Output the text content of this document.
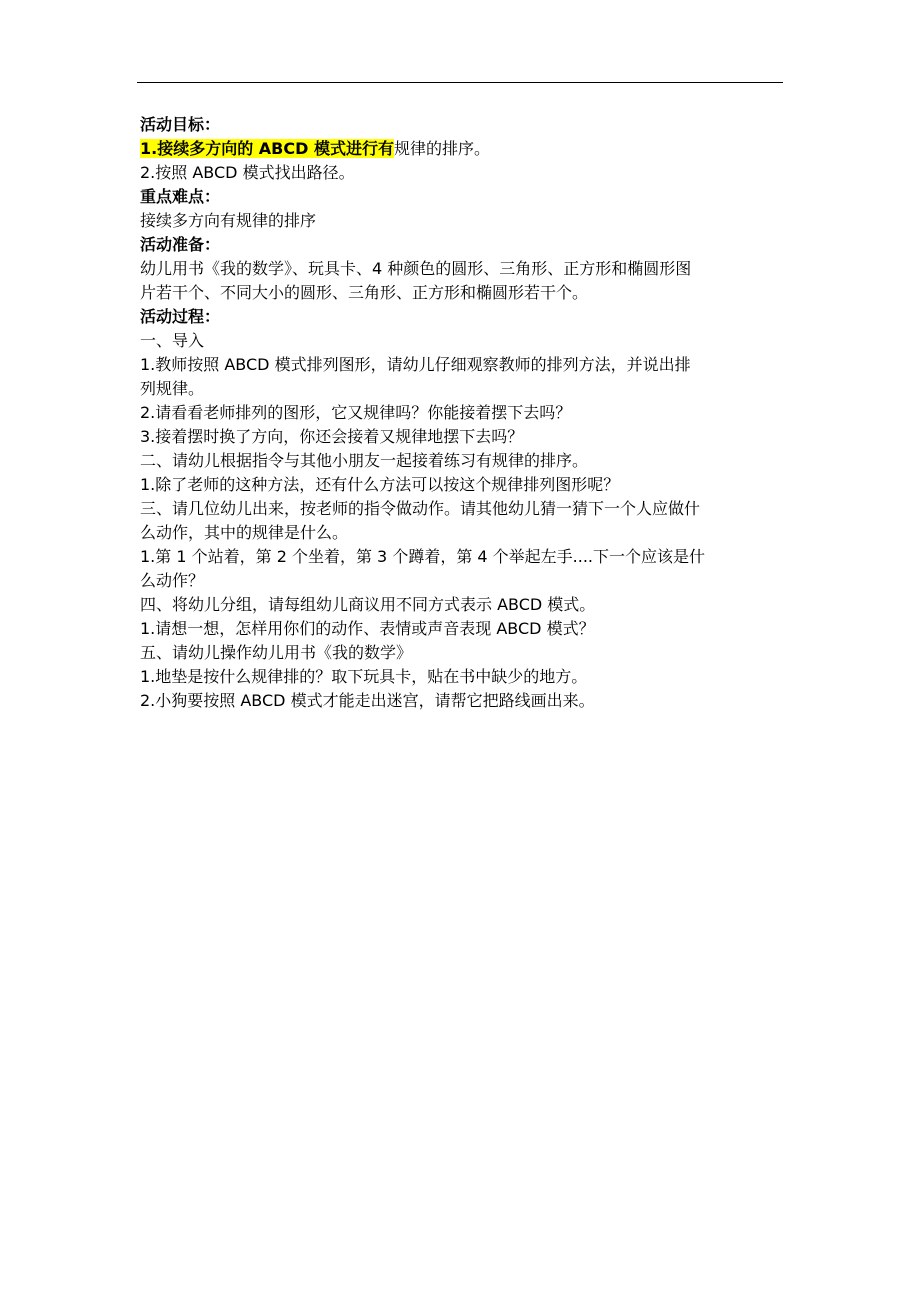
活动目标：

1.接续多方向的 ABCD 模式进行有规律的排序。

2.按照 ABCD 模式找出路径。

重点难点：

接续多方向有规律的排序

活动准备：

幼儿用书《我的数学》、玩具卡、4 种颜色的圆形、三角形、正方形和椭圆形图

片若干个、不同大小的圆形、三角形、正方形和椭圆形若干个。

活动过程：

一、导入

1.教师按照 ABCD 模式排列图形，请幼儿仔细观察教师的排列方法，并说出排

列规律。

2.请看看老师排列的图形，它又规律吗？你能接着摆下去吗？

3.接着摆时换了方向，你还会接着又规律地摆下去吗？

二、请幼儿根据指令与其他小朋友一起接着练习有规律的排序。

1.除了老师的这种方法，还有什么方法可以按这个规律排列图形呢？

三、请几位幼儿出来，按老师的指令做动作。请其他幼儿猜一猜下一个人应做什

么动作，其中的规律是什么。

1.第 1 个站着，第 2 个坐着，第 3 个蹲着，第 4 个举起左手....下一个应该是什

么动作？

四、将幼儿分组，请每组幼儿商议用不同方式表示 ABCD 模式。

1.请想一想，怎样用你们的动作、表情或声音表现 ABCD 模式？

五、请幼儿操作幼儿用书《我的数学》

1.地垫是按什么规律排的？取下玩具卡，贴在书中缺少的地方。

2.小狗要按照 ABCD 模式才能走出迷宫，请帮它把路线画出来。
